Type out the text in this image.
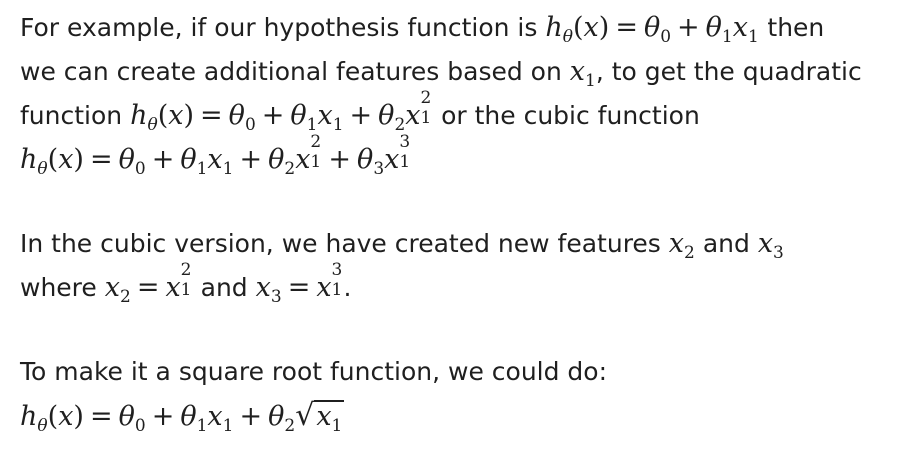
For example, if our hypothesis function is $h_\theta(x) = \theta_0 + \theta_1x_1$ then
we can create additional features based on $x_1$, to get the quadratic
function $h_\theta(x) = \theta_0 + \theta_1x_1 + \theta_2x$
2
1 or the cubic function
$h_\theta(x) = \theta_0 + \theta_1x_1 + \theta_2x$
2
$1 + \theta_3x$
3
1
In the cubic version, we have created new features $x_2$ and $x_3$
where $x_2 = x$
2
1 and $x_3 = x$
3
1 .
To make it a square root function, we could do:
$h_\theta(x) = \theta_0 + \theta_1x_1 + \theta_2√x_1$
